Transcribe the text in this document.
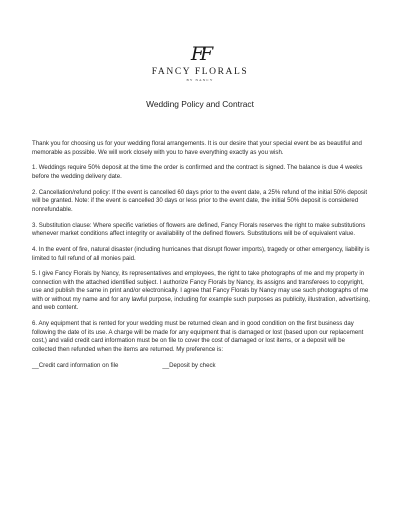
FF
FANCY FLORALS
BY NANCY
Wedding Policy and Contract

Thank you for choosing us for your wedding floral arrangements. It is our desire that your special event be as beautiful and memorable as possible. We will work closely with you to have everything exactly as you wish.

1. Weddings require 50% deposit at the time the order is confirmed and the contract is signed. The balance is due 4 weeks before the wedding delivery date.

2. Cancellation/refund policy: If the event is cancelled 60 days prior to the event date, a 25% refund of the initial 50% deposit will be granted. Note: if the event is cancelled 30 days or less prior to the event date, the initial 50% deposit is considered nonrefundable.

3. Substitution clause: Where specific varieties of flowers are defined, Fancy Florals reserves the right to make substitutions whenever market conditions affect integrity or availability of the defined flowers. Substitutions will be of equivalent value.

4. In the event of fire, natural disaster (including hurricanes that disrupt flower imports), tragedy or other emergency, liability is limited to full refund of all monies paid.

5. I give Fancy Florals by Nancy, its representatives and employees, the right to take photographs of me and my property in connection with the attached identified subject. I authorize Fancy Florals by Nancy, its assigns and transferees to copyright, use and publish the same in print and/or electronically. I agree that Fancy Florals by Nancy may use such photographs of me with or without my name and for any lawful purpose, including for example such purposes as publicity, illustration, advertising, and web content.

6. Any equipment that is rented for your wedding must be returned clean and in good condition on the first business day following the date of its use. A charge will be made for any equipment that is damaged or lost (based upon our replacement cost,) and valid credit card information must be on file to cover the cost of damaged or lost items, or a deposit will be collected then refunded when the items are returned. My preference is:

__Credit card information on file	__Deposit by check
